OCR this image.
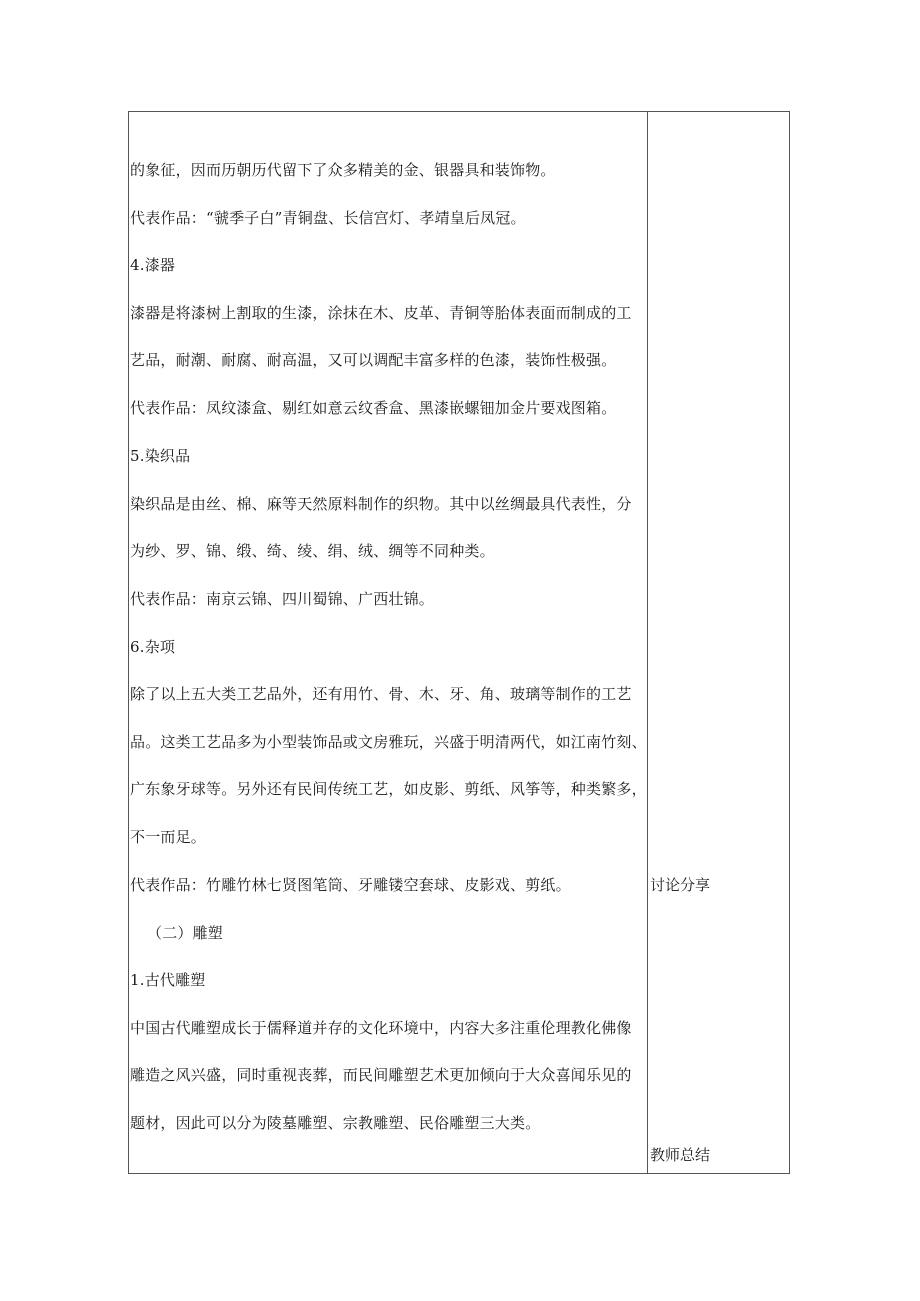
的象征，因而历朝历代留下了众多精美的金、银器具和装饰物。
代表作品：“虢季子白”青铜盘、长信宫灯、孝靖皇后凤冠。
4.漆器
漆器是将漆树上割取的生漆，涂抹在木、皮革、青铜等胎体表面而制成的工
艺品，耐潮、耐腐、耐高温，又可以调配丰富多样的色漆，装饰性极强。
代表作品：凤纹漆盒、剔红如意云纹香盒、黑漆嵌螺钿加金片要戏图箱。
5.染织品
染织品是由丝、棉、麻等天然原料制作的织物。其中以丝绸最具代表性，分
为纱、罗、锦、缎、绮、绫、绢、绒、绸等不同种类。
代表作品：南京云锦、四川蜀锦、广西壮锦。
6.杂项
除了以上五大类工艺品外，还有用竹、骨、木、牙、角、玻璃等制作的工艺
品。这类工艺品多为小型装饰品或文房雅玩，兴盛于明清两代，如江南竹刻、
广东象牙球等。另外还有民间传统工艺，如皮影、剪纸、风筝等，种类繁多，
不一而足。
代表作品：竹雕竹林七贤图笔筒、牙雕镂空套球、皮影戏、剪纸。
（二）雕塑
1.古代雕塑
中国古代雕塑成长于儒释道并存的文化环境中，内容大多注重伦理教化佛像
雕造之风兴盛，同时重视丧葬，而民间雕塑艺术更加倾向于大众喜闻乐见的
题材，因此可以分为陵墓雕塑、宗教雕塑、民俗雕塑三大类。
讨论分享
教师总结
